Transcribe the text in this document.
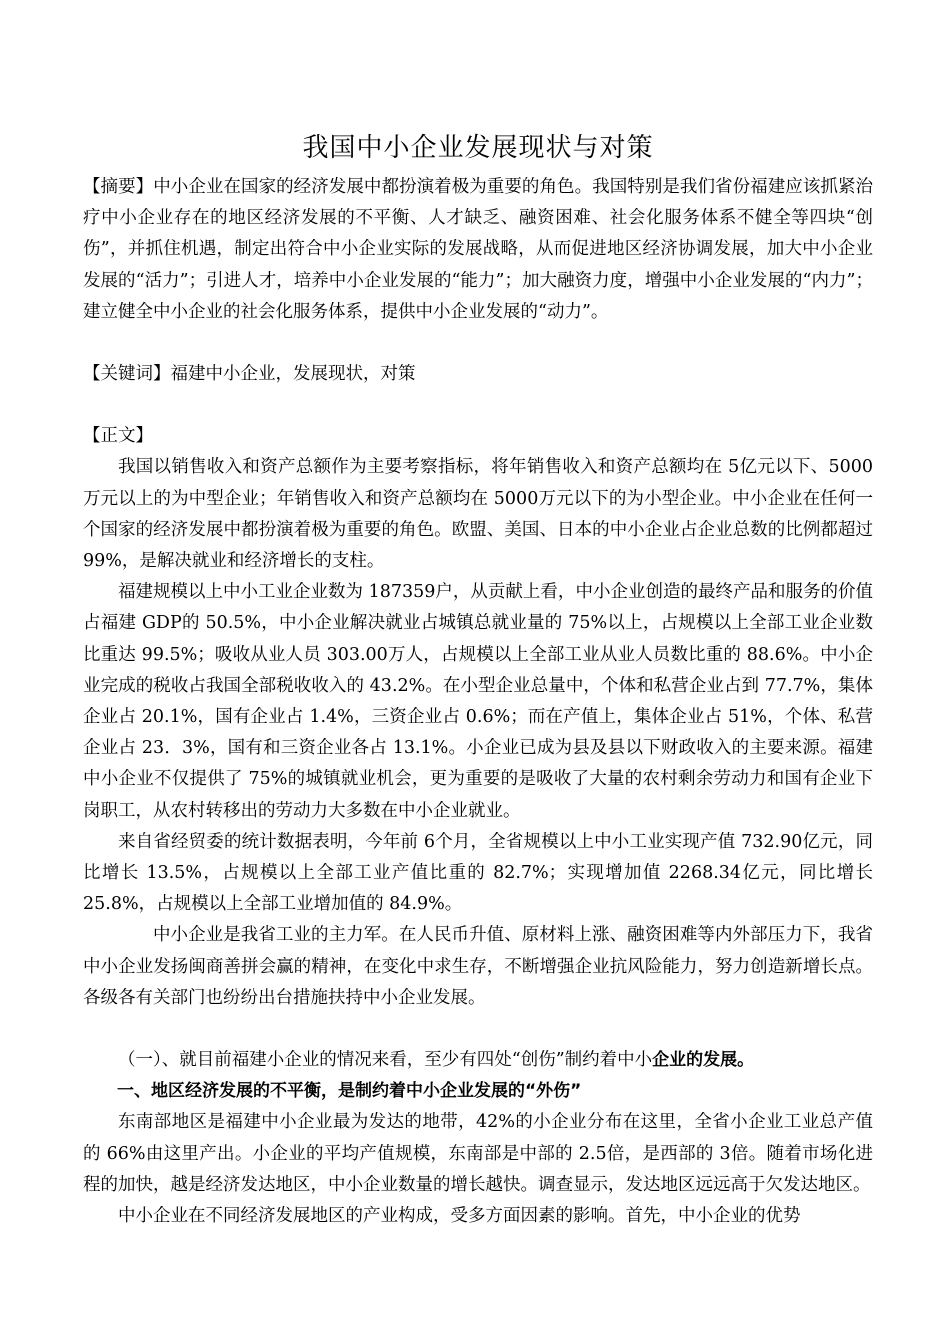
我国中小企业发展现状与对策

【摘要】中小企业在国家的经济发展中都扮演着极为重要的角色。我国特别是我们省份福建应该抓紧治疗中小企业存在的地区经济发展的不平衡、人才缺乏、融资困难、社会化服务体系不健全等四块“创伤”，并抓住机遇，制定出符合中小企业实际的发展战略，从而促进地区经济协调发展，加大中小企业发展的“活力”；引进人才，培养中小企业发展的“能力”；加大融资力度，增强中小企业发展的“内力”；建立健全中小企业的社会化服务体系，提供中小企业发展的“动力”。

【关键词】福建中小企业，发展现状，对策

【正文】

我国以销售收入和资产总额作为主要考察指标，将年销售收入和资产总额均在 5亿元以下、5000万元以上的为中型企业；年销售收入和资产总额均在 5000万元以下的为小型企业。中小企业在任何一个国家的经济发展中都扮演着极为重要的角色。欧盟、美国、日本的中小企业占企业总数的比例都超过 99%，是解决就业和经济增长的支柱。

福建规模以上中小工业企业数为 187359户，从贡献上看，中小企业创造的最终产品和服务的价值占福建 GDP的 50.5%，中小企业解决就业占城镇总就业量的 75%以上，占规模以上全部工业企业数比重达 99.5%；吸收从业人员 303.00万人，占规模以上全部工业从业人员数比重的 88.6%。中小企业完成的税收占我国全部税收收入的 43.2%。在小型企业总量中，个体和私营企业占到 77.7%，集体企业占 20.1%，国有企业占 1.4%，三资企业占 0.6%；而在产值上，集体企业占 51%，个体、私营企业占 23．3%，国有和三资企业各占 13.1%。小企业已成为县及县以下财政收入的主要来源。福建中小企业不仅提供了 75%的城镇就业机会，更为重要的是吸收了大量的农村剩余劳动力和国有企业下岗职工，从农村转移出的劳动力大多数在中小企业就业。

来自省经贸委的统计数据表明，今年前 6个月，全省规模以上中小工业实现产值 732.90亿元，同比增长 13.5%，占规模以上全部工业产值比重的 82.7%；实现增加值 2268.34亿元，同比增长 25.8%，占规模以上全部工业增加值的 84.9%。

中小企业是我省工业的主力军。在人民币升值、原材料上涨、融资困难等内外部压力下，我省中小企业发扬闽商善拼会赢的精神，在变化中求生存，不断增强企业抗风险能力，努力创造新增长点。各级各有关部门也纷纷出台措施扶持中小企业发展。

（一）、就目前福建小企业的情况来看，至少有四处“创伤”制约着中小企业的发展。

一、地区经济发展的不平衡，是制约着中小企业发展的“外伤”

东南部地区是福建中小企业最为发达的地带，42%的小企业分布在这里，全省小企业工业总产值的 66%由这里产出。小企业的平均产值规模，东南部是中部的 2.5倍，是西部的 3倍。随着市场化进程的加快，越是经济发达地区，中小企业数量的增长越快。调查显示，发达地区远远高于欠发达地区。

中小企业在不同经济发展地区的产业构成，受多方面因素的影响。首先，中小企业的优势
